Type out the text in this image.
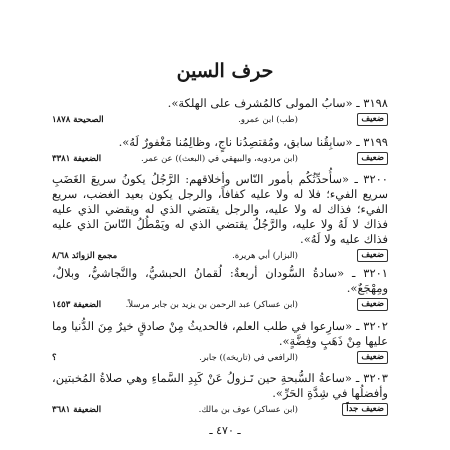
حرف السين
٣١٩٨ ـ «سابُ المولى كالمُشرف على الهلكة».
ضعيف
(طب) ابن عمرو.
الصحيحة ١٨٧٨
٣١٩٩ ـ «سابِقُنا سابق، ومُقتصِدُنا ناجٍ، وظالِمُنا مَغْفورٌ لَهُ».
ضعيف
(ابن مردويه، والبيهقي في (البعث)) عن عمر.
الضعيفة ٣٣٨١
٣٢٠٠ ـ «سأُحدِّثُكُم بأمور النّاس وأخلاقهم: الرَّجُلُ يكونُ سريعَ الغَضَبِ سريع الفيء؛ فلا له ولا عليه كفافاً، والرجل يكون بعيد الغضب، سريع الفيء؛ فذاك له ولا عليه، والرجل يقتضي الذي له ويقضي الذي عليه فذاك لا لَهُ ولا عليه، والرَّجُلُ يقتضي الذي له ويَمْطُلُ النّاسَ الذي عليه فذاك عليه ولا لَهُ».
ضعيف
(البزار) أبي هريرة.
مجمع الزوائد ٨/٦٨
٣٢٠١ ـ «سادةُ السُّودان أربعةٌ: لُقمانُ الحبشيُّ، والنَّجاشيُّ، وبلالٌ، ومِهْجَعٌ».
ضعيف
(ابن عساكر) عبد الرحمن بن يزيد بن جابر مرسلاً.
الضعيفة ١٤٥٣
٣٢٠٢ ـ «سارِعوا في طلب العلم، فالحديثُ مِنْ صادقٍ خيرٌ مِنَ الدُّنيا وما عليها مِنْ ذَهَبٍ وفِضَّةٍ».
ضعيف
(الرافعي في (تاريخه)) جابر.
؟
٣٢٠٣ ـ «ساعةُ السُّبحةِ حين تَـزولُ عَنْ كَبِدِ السَّماءِ وهي صلاةُ المُخبتين، وأفضلُها في شِدَّةِ الحَرِّ».
ضعيف جداً
(ابن عساكر) عوف بن مالك.
الضعيفة ٣٦٨١
ـ ٤٧٠ ـ
